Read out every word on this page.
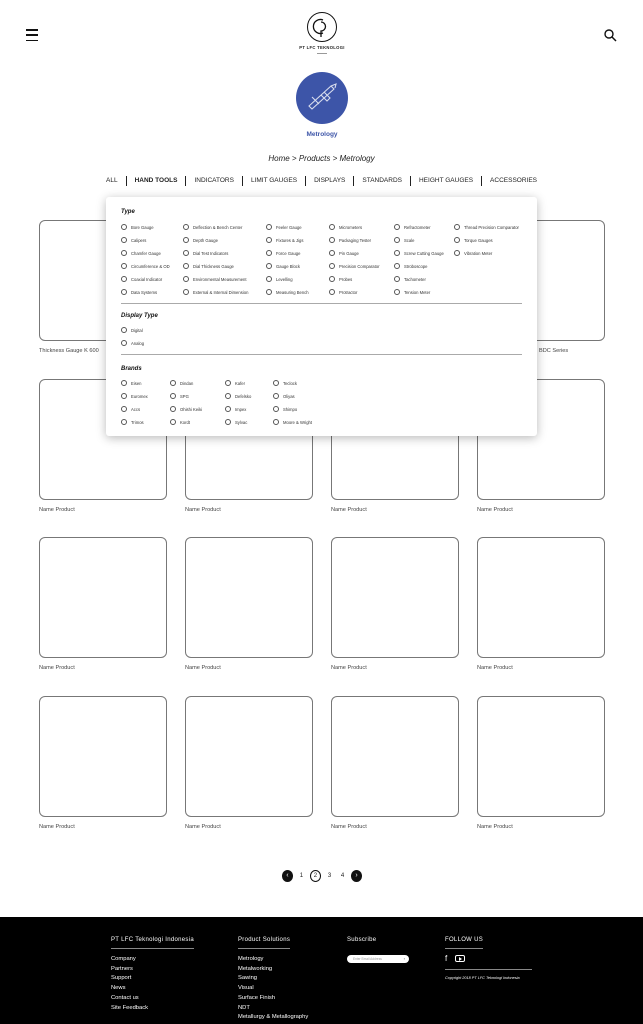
PT LFC TEKNOLOGI
Metrology
Home > Products > Metrology
ALL	HAND TOOLS	INDICATORS	LIMIT GAUGES	DISPLAYS	STANDARDS	HEIGHT GAUGES	ACCESSORIES
Thickness Gauge K 600	BDC Series
Name Product	Name Product	Name Product	Name Product
Name Product	Name Product	Name Product	Name Product
Name Product	Name Product	Name Product	Name Product
Type
Display Type
Brands
Bore Gauge
Calipers
Chamfer Gauge
Circumference & OD
Coaxial Indicator
Data Systems
Deflection & Bench Center
Depth Gauge
Dial Test Indicators
Dial Thickness Gauge
Environmental Measurement
External & Internal Dimension
Feeler Gauge
Fixtures & Jigs
Force Gauge
Gauge Block
Levelling
Measuring Bench
Micrometers
Packaging Tester
Pin Gauge
Precision Comparator
Probes
Protractor
Refractometer
Scale
Screw Cutting Gauge
Stroboscope
Tachometer
Tension Meter
Thread Precision Comparator
Torque Gauges
Vibration Meter
Digital
Analog
Eisen
Euromex
Accs
Trimos
Dindan
SPG
Ohishi Keiki
Kordt
Kafer
Defelsko
Impex
Sylvac
Teclock
Oliyas
Shimpo
Moore & Wright
‹	1	2	3	4	›
PT LFC Teknologi Indonesia
Company
Partners
Support
News
Contact us
Site Feedback
Product Solutions
Metrology
Metalworking
Sawing
Visual
Surface Finish
NDT
Metallurgy & Metallography
Subscribe
Enter Email Address	›
FOLLOW US
f
Copyright 2018 PT LFC Teknologi Indonesia
